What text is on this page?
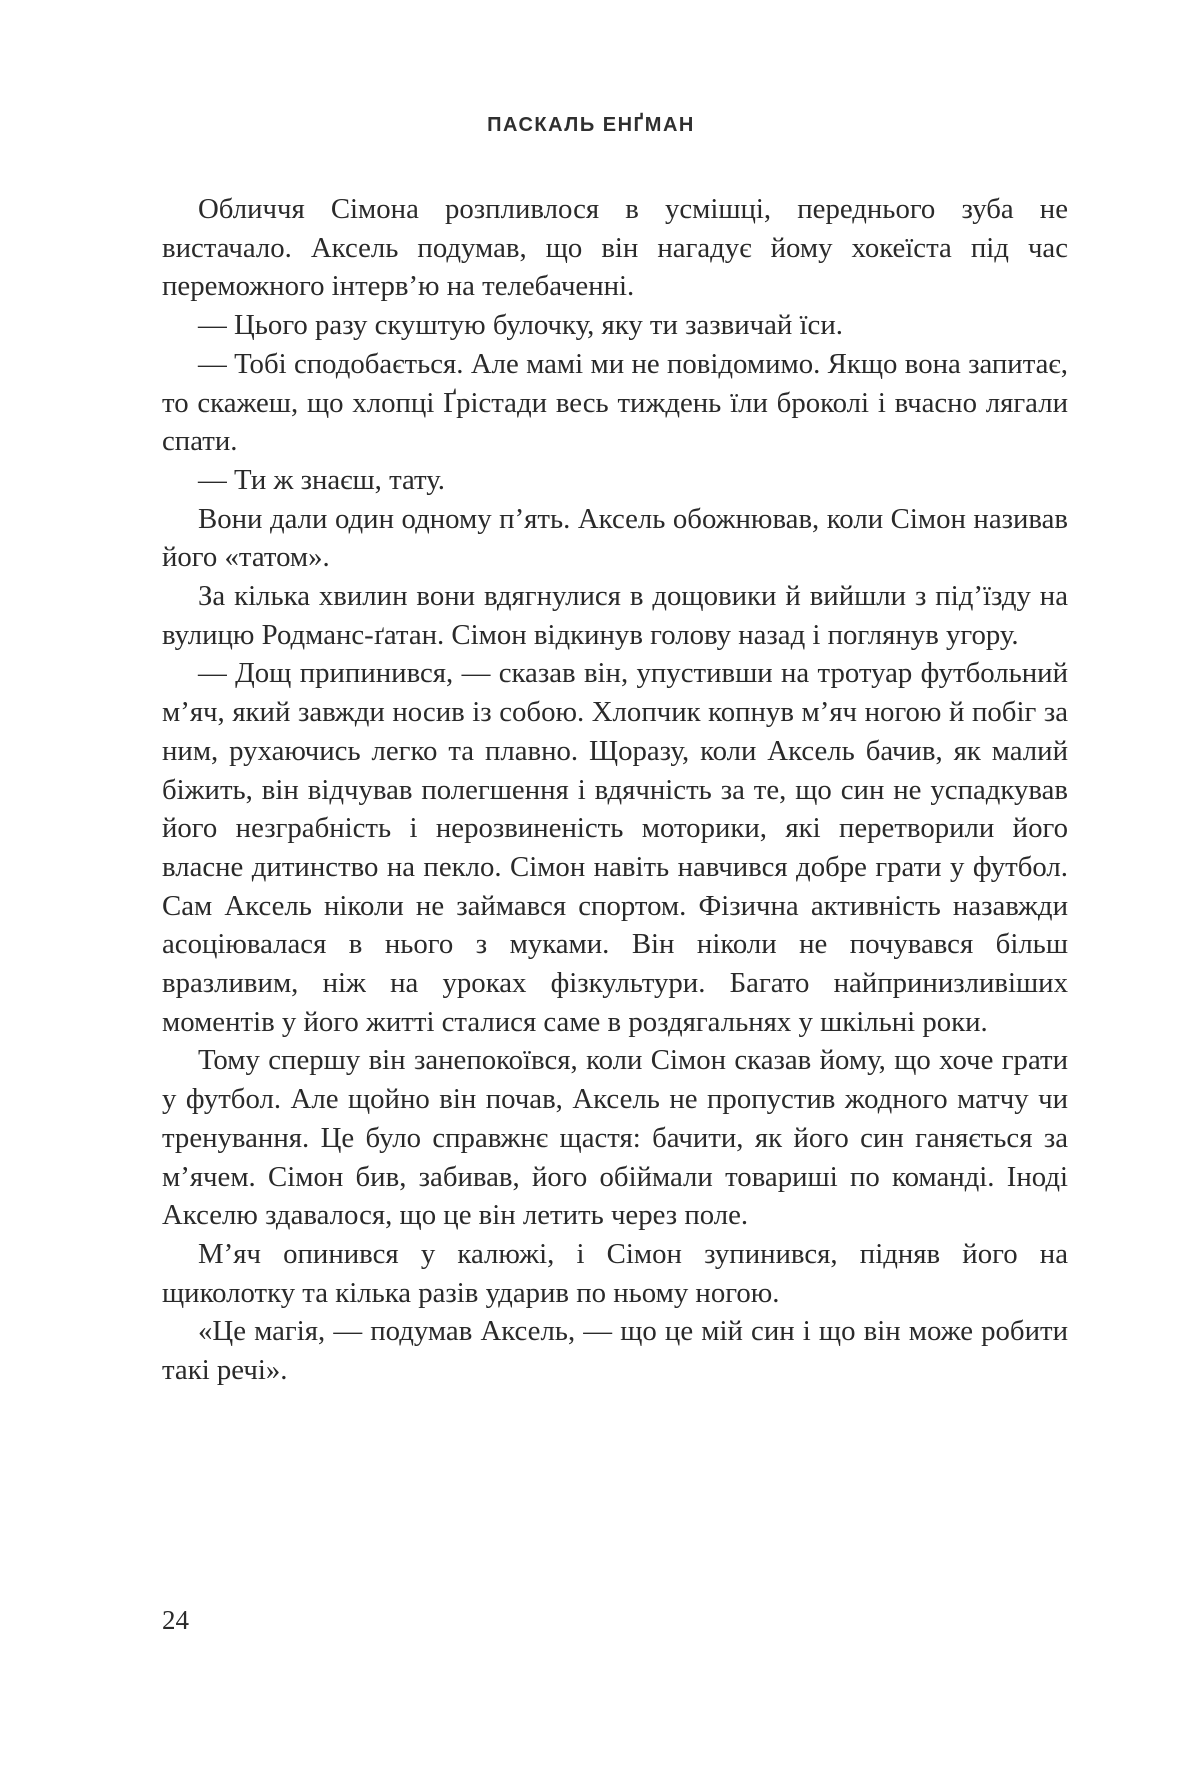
ПАСКАЛЬ ЕНҐМАН

Обличчя Сімона розпливлося в усмішці, переднього зуба не вистачало. Аксель подумав, що він нагадує йому хокеїста під час переможного інтерв’ю на телебаченні.

— Цього разу скуштую булочку, яку ти зазвичай їси.

— Тобі сподобається. Але мамі ми не повідомимо. Якщо вона запитає, то скажеш, що хлопці Ґрістади весь тиждень їли броколі і вчасно лягали спати.

— Ти ж знаєш, тату.

Вони дали один одному п’ять. Аксель обожнював, коли Сімон називав його «татом».

За кілька хвилин вони вдягнулися в дощовики й вийшли з під’їзду на вулицю Родманс-ґатан. Сімон відкинув голову назад і поглянув угору.

— Дощ припинився, — сказав він, упустивши на тротуар футбольний м’яч, який завжди носив із собою. Хлопчик копнув м’яч ногою й побіг за ним, рухаючись легко та плавно. Щоразу, коли Аксель бачив, як малий біжить, він відчував полегшення і вдячність за те, що син не успадкував його незграбність і нерозвиненість моторики, які перетворили його власне дитинство на пекло. Сімон навіть навчився добре грати у футбол. Сам Аксель ніколи не займався спортом. Фізична активність назавжди асоціювалася в нього з муками. Він ніколи не почувався більш вразливим, ніж на уроках фізкультури. Багато найпринизливіших моментів у його житті сталися саме в роздягальнях у шкільні роки.

Тому спершу він занепокоївся, коли Сімон сказав йому, що хоче грати у футбол. Але щойно він почав, Аксель не пропустив жодного матчу чи тренування. Це було справжнє щастя: бачити, як його син ганяється за м’ячем. Сімон бив, забивав, його обіймали товариші по команді. Іноді Акселю здавалося, що це він летить через поле.

М’яч опинився у калюжі, і Сімон зупинився, підняв його на щиколотку та кілька разів ударив по ньому ногою.

«Це магія, — подумав Аксель, — що це мій син і що він може робити такі речі».

24
